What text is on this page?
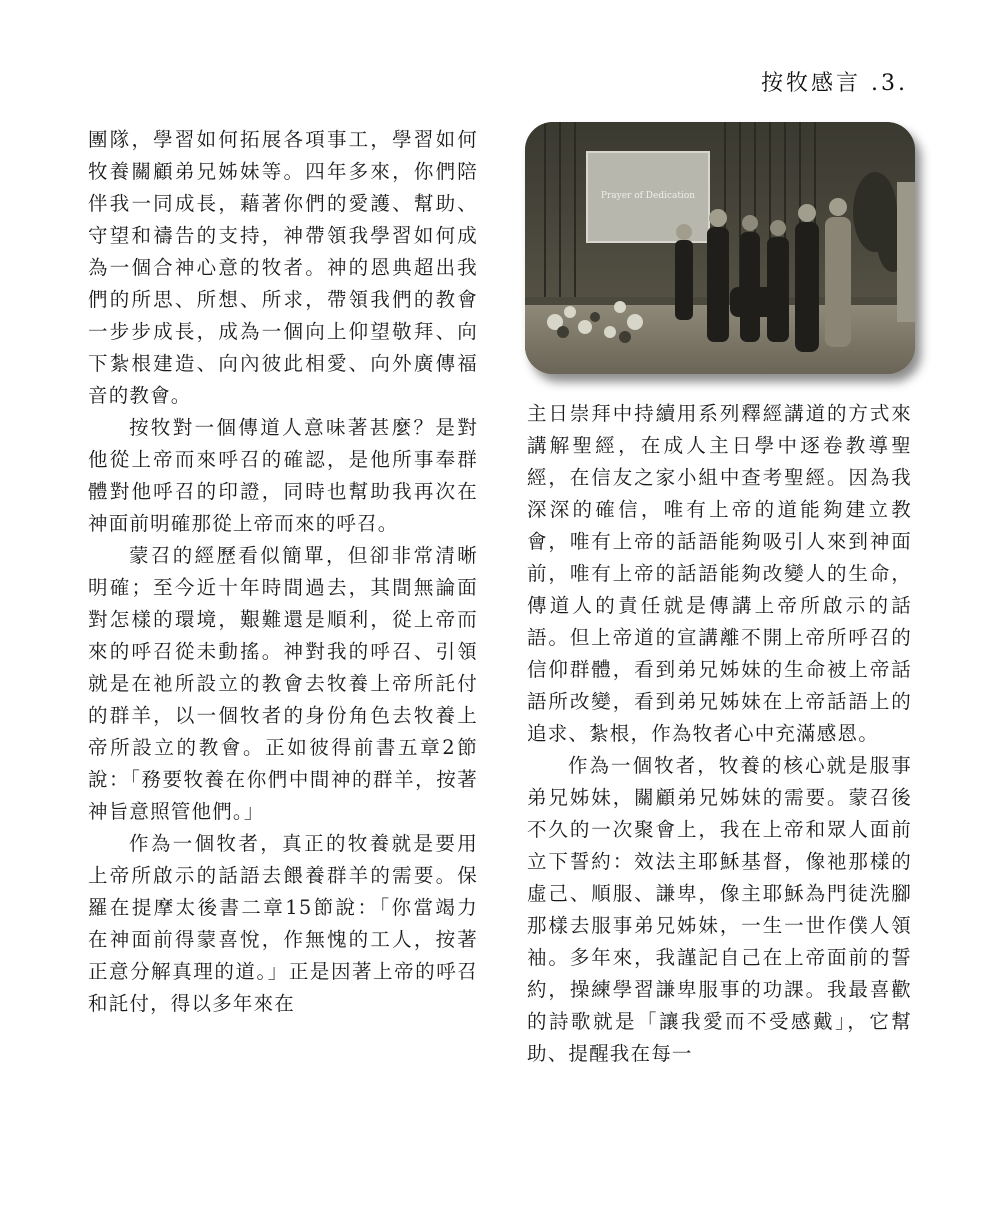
按牧感言 .3.

團隊，學習如何拓展各項事工，學習如何牧養關顧弟兄姊妹等。四年多來，你們陪伴我一同成長，藉著你們的愛護、幫助、守望和禱告的支持，神帶領我學習如何成為一個合神心意的牧者。神的恩典超出我們的所思、所想、所求，帶領我們的教會一步步成長，成為一個向上仰望敬拜、向下紮根建造、向內彼此相愛、向外廣傳福音的教會。

按牧對一個傳道人意味著甚麼？是對他從上帝而來呼召的確認，是他所事奉群體對他呼召的印證，同時也幫助我再次在神面前明確那從上帝而來的呼召。

蒙召的經歷看似簡單，但卻非常清晰明確；至今近十年時間過去，其間無論面對怎樣的環境，艱難還是順利，從上帝而來的呼召從未動搖。神對我的呼召、引領就是在祂所設立的教會去牧養上帝所託付的群羊，以一個牧者的身份角色去牧養上帝所設立的教會。正如彼得前書五章2節說：「務要牧養在你們中間神的群羊，按著神旨意照管他們。」

作為一個牧者，真正的牧養就是要用上帝所啟示的話語去餵養群羊的需要。保羅在提摩太後書二章15節說：「你當竭力在神面前得蒙喜悅，作無愧的工人，按著正意分解真理的道。」正是因著上帝的呼召和託付，得以多年來在

Prayer of Dedication

主日崇拜中持續用系列釋經講道的方式來講解聖經，在成人主日學中逐卷教導聖經，在信友之家小組中查考聖經。因為我深深的確信，唯有上帝的道能夠建立教會，唯有上帝的話語能夠吸引人來到神面前，唯有上帝的話語能夠改變人的生命，傳道人的責任就是傳講上帝所啟示的話語。但上帝道的宣講離不開上帝所呼召的信仰群體，看到弟兄姊妹的生命被上帝話語所改變，看到弟兄姊妹在上帝話語上的追求、紮根，作為牧者心中充滿感恩。

作為一個牧者，牧養的核心就是服事弟兄姊妹，關顧弟兄姊妹的需要。蒙召後不久的一次聚會上，我在上帝和眾人面前立下誓約：效法主耶穌基督，像祂那樣的虛己、順服、謙卑，像主耶穌為門徒洗腳那樣去服事弟兄姊妹，一生一世作僕人領袖。多年來，我謹記自己在上帝面前的誓約，操練學習謙卑服事的功課。我最喜歡的詩歌就是「讓我愛而不受感戴」，它幫助、提醒我在每一
